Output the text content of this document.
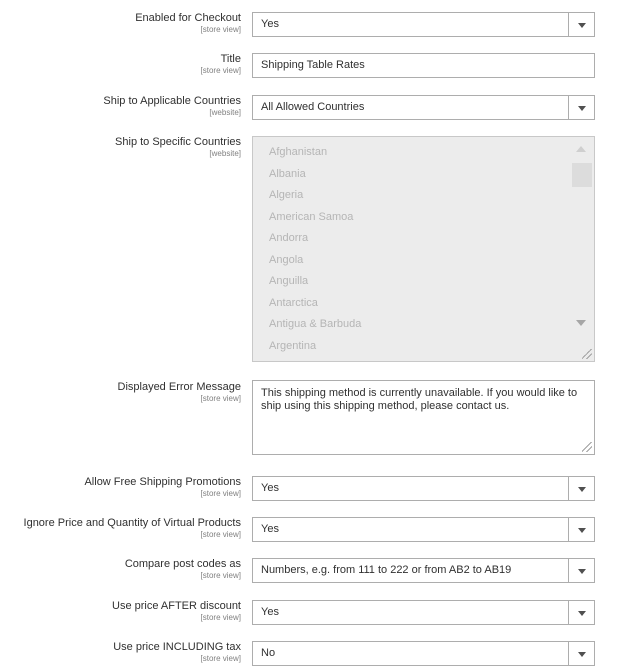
Enabled for Checkout
[store view] Yes
Title
[store view] Shipping Table Rates
Ship to Applicable Countries
[website] All Allowed Countries
Ship to Specific Countries
[website]	Afghanistan
Albania
Algeria
American Samoa
Andorra
Angola
Anguilla
Antarctica
Antigua & Barbuda
Argentina
Displayed Error Message
[store view] This shipping method is currently unavailable. If you would like to ship using this shipping method, please contact us.
Allow Free Shipping Promotions
[store view] Yes
Ignore Price and Quantity of Virtual Products
[store view] Yes
Compare post codes as
[store view] Numbers, e.g. from 111 to 222 or from AB2 to AB19
Use price AFTER discount
[store view] Yes
Use price INCLUDING tax
[store view] No
